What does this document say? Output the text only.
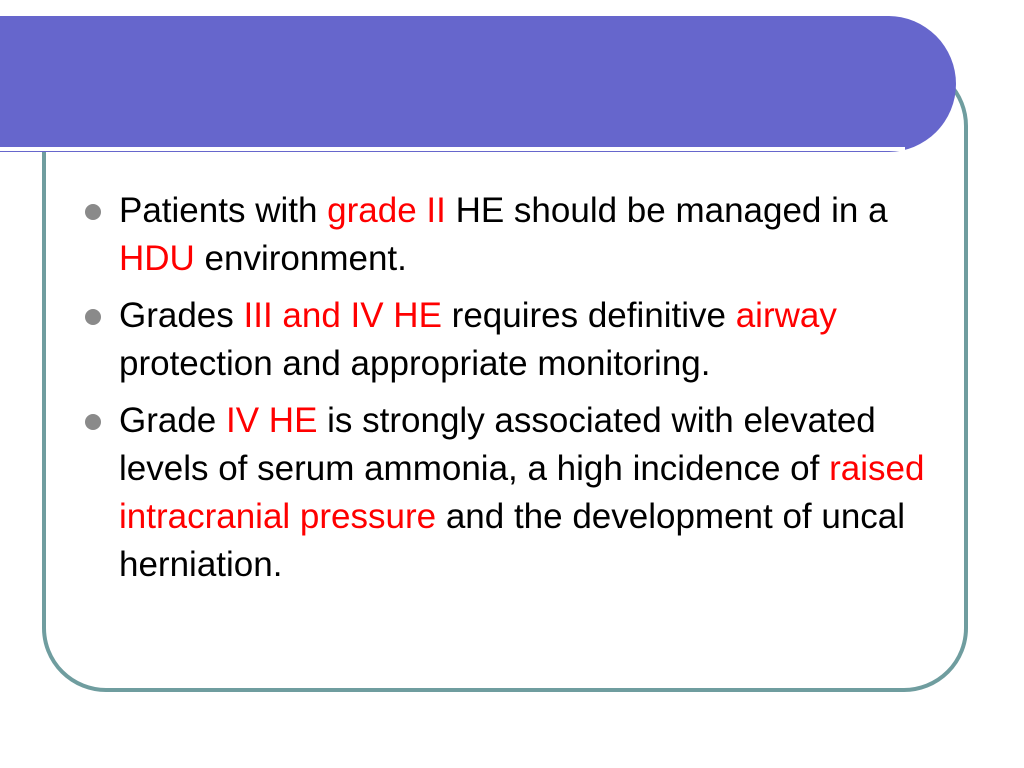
Patients with grade II HE should be managed in a HDU environment.
Grades III and IV HE requires definitive airway protection and appropriate monitoring.
Grade IV HE is strongly associated with elevated levels of serum ammonia, a high incidence of raised intracranial pressure and the development of uncal herniation.
